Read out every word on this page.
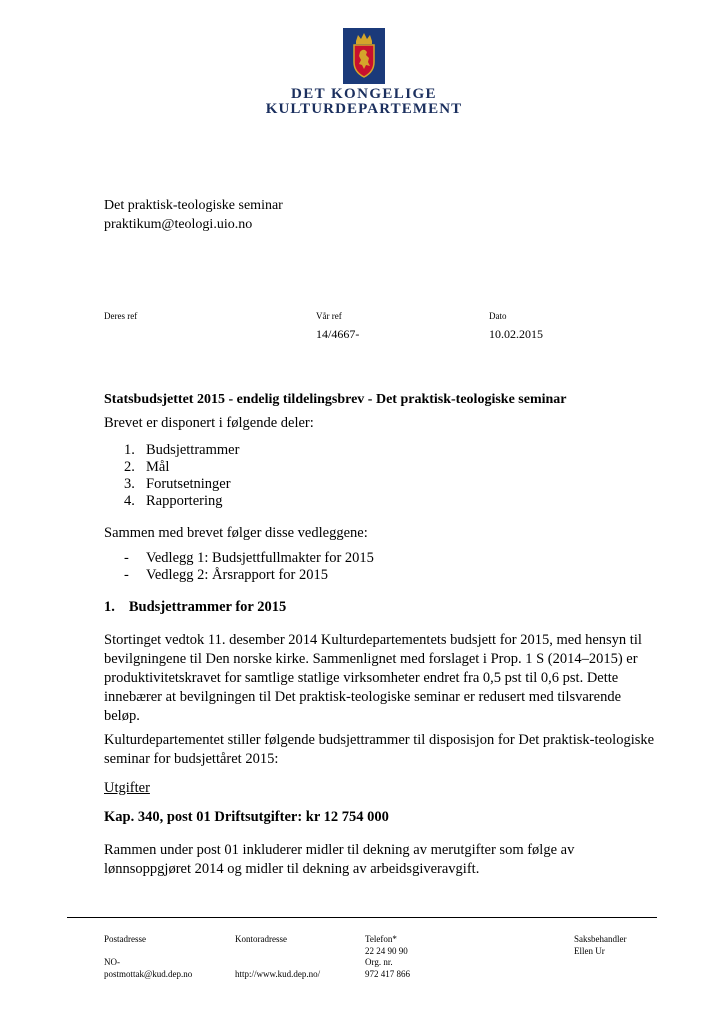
DET KONGELIGE
KULTURDEPARTEMENT
Det praktisk-teologiske seminar
praktikum@teologi.uio.no
Deres ref	Vår ref
14/4667-
Dato
10.02.2015
Statsbudsjettet 2015 - endelig tildelingsbrev - Det praktisk-teologiske seminar
Brevet er disponert i følgende deler:
1. Budsjettrammer
2. Mål
3. Forutsetninger
4. Rapportering
Sammen med brevet følger disse vedleggene:
- Vedlegg 1: Budsjettfullmakter for 2015
- Vedlegg 2: Årsrapport for 2015
1. Budsjettrammer for 2015
Stortinget vedtok 11. desember 2014 Kulturdepartementets budsjett for 2015, med hensyn til bevilgningene til Den norske kirke. Sammenlignet med forslaget i Prop. 1 S (2014–2015) er produktivitetskravet for samtlige statlige virksomheter endret fra 0,5 pst til 0,6 pst. Dette innebærer at bevilgningen til Det praktisk-teologiske seminar er redusert med tilsvarende beløp.
Kulturdepartementet stiller følgende budsjettrammer til disposisjon for Det praktisk-teologiske seminar for budsjettåret 2015:
Utgifter
Kap. 340, post 01 Driftsutgifter: kr 12 754 000
Rammen under post 01 inkluderer midler til dekning av merutgifter som følge av lønnsoppgjøret 2014 og midler til dekning av arbeidsgiveravgift.
Postadresse

NO-
postmottak@kud.dep.no
Kontoradresse

http://www.kud.dep.no/
Telefon*
22 24 90 90
Org. nr.
972 417 866
Saksbehandler
Ellen Ur
